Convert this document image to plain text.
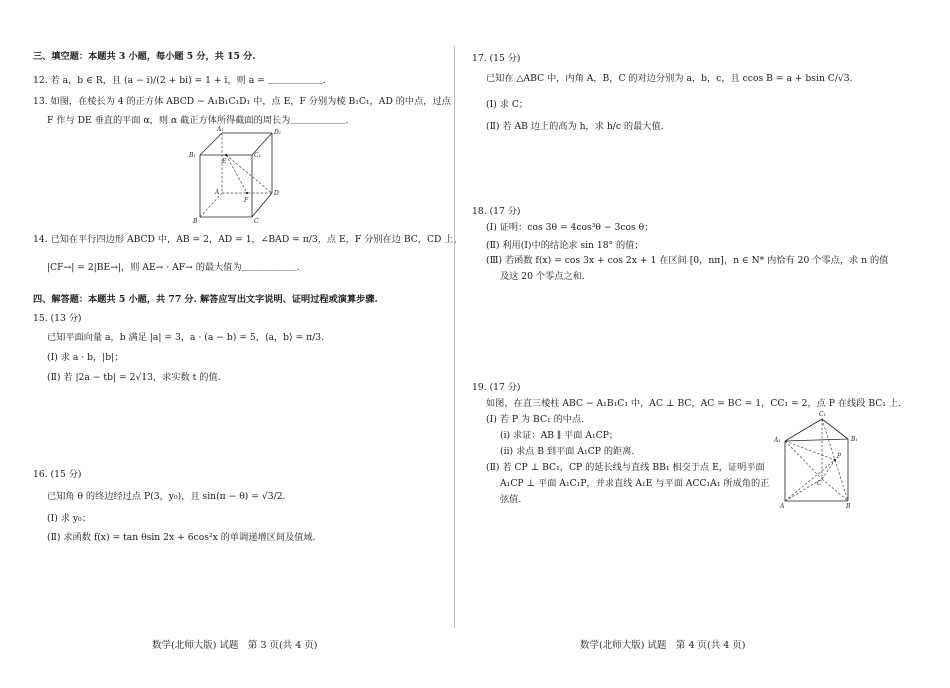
三、填空题：本题共 3 小题，每小题 5 分，共 15 分.
12. 若 a，b ∈ R，且 (a − i)/(2 + bi) = 1 + i，则 a = ＿＿＿＿＿＿.
13. 如图，在棱长为 4 的正方体 ABCD − A₁B₁C₁D₁ 中，点 E，F 分别为棱 B₁C₁，AD 的中点，过点
F 作与 DE 垂直的平面 α，则 α 截正方体所得截面的周长为＿＿＿＿＿＿.
A₁	D₁
B₁	C₁
E
A
F
D
B	C
14. 已知在平行四边形 ABCD 中，AB = 2，AD = 1，∠BAD = π/3，点 E，F 分别在边 BC，CD 上，
|CF→| = 2|BE→|，则 AE→ · AF→ 的最大值为＿＿＿＿＿＿.
四、解答题：本题共 5 小题，共 77 分. 解答应写出文字说明、证明过程或演算步骤.
15. (13 分)
已知平面向量 a，b 满足 |a| = 3，a · (a − b) = 5，⟨a，b⟩ = π/3.
(Ⅰ) 求 a · b，|b|；
(Ⅱ) 若 |2a − tb| = 2√13，求实数 t 的值.
16. (15 分)
已知角 θ 的终边经过点 P(3，y₀)，且 sin(π − θ) = √3/2.
(Ⅰ) 求 y₀；
(Ⅱ) 求函数 f(x) = tan θsin 2x + 6cos²x 的单调递增区间及值域.
数学(北师大版) 试题　第 3 页(共 4 页)
17. (15 分)
已知在 △ABC 中，内角 A，B，C 的对边分别为 a，b，c，且 ccos B = a + bsin C/√3.
(Ⅰ) 求 C；
(Ⅱ) 若 AB 边上的高为 h，求 h/c 的最大值.
18. (17 分)
(Ⅰ) 证明：cos 3θ = 4cos³θ − 3cos θ；
(Ⅱ) 利用(Ⅰ)中的结论求 sin 18° 的值；
(Ⅲ) 若函数 f(x) = cos 3x + cos 2x + 1 在区间 [0，nπ]，n ∈ N* 内恰有 20 个零点，求 n 的值
及这 20 个零点之和.
19. (17 分)
如图，在直三棱柱 ABC − A₁B₁C₁ 中，AC ⊥ BC，AC = BC = 1，CC₁ = 2，点 P 在线段 BC₁ 上.
(Ⅰ) 若 P 为 BC₁ 的中点.
(ⅰ) 求证：AB ∥ 平面 A₁CP；
(ⅱ) 求点 B 到平面 A₁CP 的距离.
(Ⅱ) 若 CP ⊥ BC₁，CP 的延长线与直线 BB₁ 相交于点 E，证明平面
A₁CP ⊥ 平面 A₁C₁P，并求直线 A₁E 与平面 ACC₁A₁ 所成角的正
弦值.
C₁
A₁	B₁
P
C
A	B
数学(北师大版) 试题　第 4 页(共 4 页)
